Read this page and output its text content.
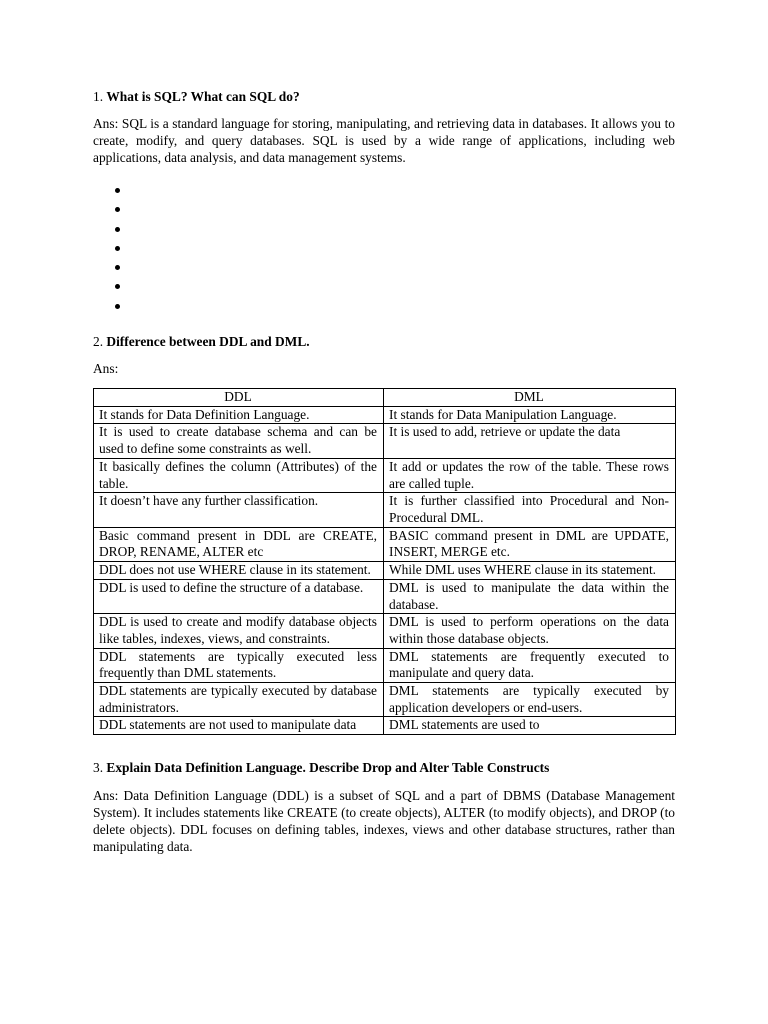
1. What is SQL? What can SQL do?

Ans: SQL is a standard language for storing, manipulating, and retrieving data in databases. It allows you to create, modify, and query databases. SQL is used by a wide range of applications, including web applications, data analysis, and data management systems.

2. Difference between DDL and DML.

Ans:

DDL	DML
It stands for Data Definition Language.	It stands for Data Manipulation Language.
It is used to create database schema and can be used to define some constraints as well.	It is used to add, retrieve or update the data
It basically defines the column (Attributes) of the table.	It add or updates the row of the table. These rows are called tuple.
It doesn’t have any further classification.	It is further classified into Procedural and Non-Procedural DML.
Basic command present in DDL are CREATE, DROP, RENAME, ALTER etc	BASIC command present in DML are UPDATE, INSERT, MERGE etc.
DDL does not use WHERE clause in its statement.	While DML uses WHERE clause in its statement.
DDL is used to define the structure of a database.	DML is used to manipulate the data within the database.
DDL is used to create and modify database objects like tables, indexes, views, and constraints.	DML is used to perform operations on the data within those database objects.
DDL statements are typically executed less frequently than DML statements.	DML statements are frequently executed to manipulate and query data.
DDL statements are typically executed by database administrators.	DML statements are typically executed by application developers or end-users.
DDL statements are not used to manipulate data	DML statements are used to

3. Explain Data Definition Language. Describe Drop and Alter Table Constructs

Ans: Data Definition Language (DDL) is a subset of SQL and a part of DBMS (Database Management System). It includes statements like CREATE (to create objects), ALTER (to modify objects), and DROP (to delete objects). DDL focuses on defining tables, indexes, views and other database structures, rather than manipulating data.
